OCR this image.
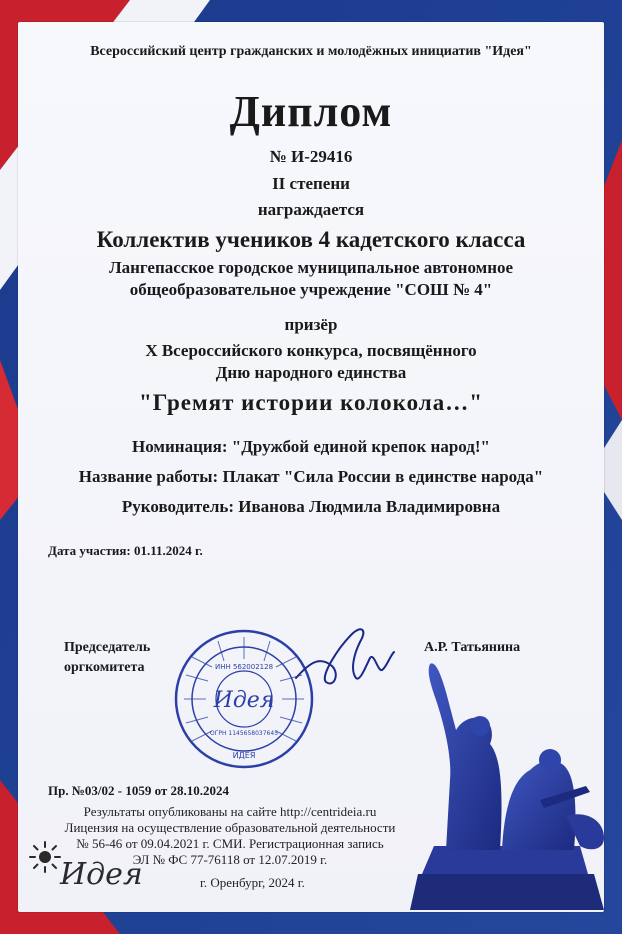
Всероссийский центр гражданских и молодёжных инициатив "Идея"
Диплом
№ И-29416
II степени
награждается
Коллектив учеников 4 кадетского класса
Лангепасское городское муниципальное автономное
общеобразовательное учреждение "СОШ № 4"
призёр
X Всероссийского конкурса, посвящённого
Дню народного единства
"Гремят истории колокола…"
Номинация: "Дружбой единой крепок народ!"
Название работы: Плакат "Сила России в единстве народа"
Руководитель: Иванова Людмила Владимировна
Дата участия: 01.11.2024 г.
Председатель
оргкомитета
А.Р. Татьянина
ИНН 562002128
Идея
ОГРН 1145658037645
ИДЕЯ
Пр. №03/02 - 1059 от 28.10.2024
Результаты опубликованы на сайте http://centrideia.ru
Лицензия на осуществление образовательной деятельности
№ 56-46 от 09.04.2021 г. СМИ. Регистрационная запись
ЭЛ № ФС 77-76118 от 12.07.2019 г.
г. Оренбург, 2024 г.
Идея
